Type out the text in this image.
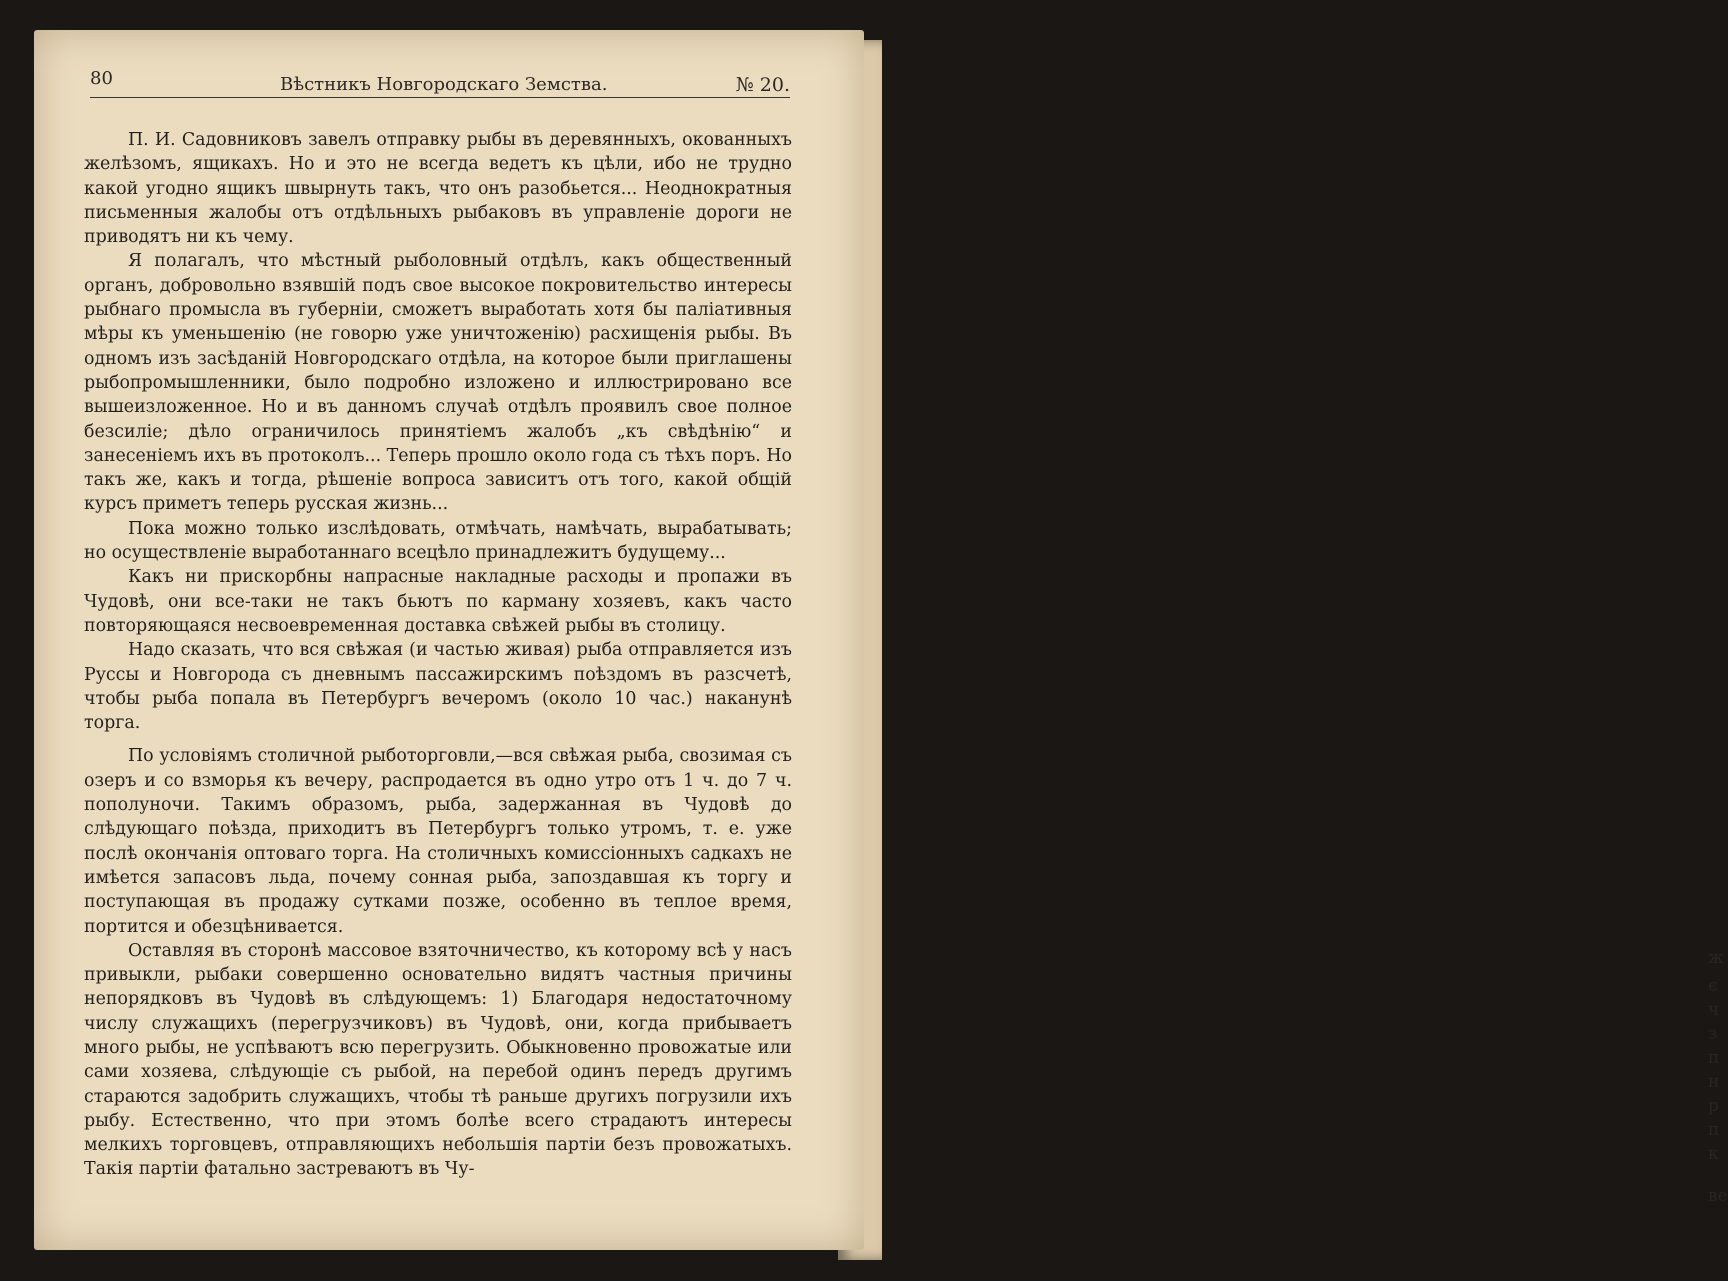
ж
є
ч
з
п
н
р
п
к
ве
80	Вѣстникъ Новгородскаго Земства.	№ 20.

П. И. Садовниковъ завелъ отправку рыбы въ деревянныхъ, окованныхъ желѣзомъ, ящикахъ. Но и это не всегда ведетъ къ цѣли, ибо не трудно какой угодно ящикъ швырнуть такъ, что онъ разобьется... Неоднократныя письменныя жалобы отъ отдѣльныхъ рыбаковъ въ управленіе дороги не приводятъ ни къ чему.

Я полагалъ, что мѣстный рыболовный отдѣлъ, какъ общественный органъ, добровольно взявшій подъ свое высокое покровительство интересы рыбнаго промысла въ губерніи, сможетъ выработать хотя бы паліативныя мѣры къ уменьшенію (не говорю уже уничтоженію) расхищенія рыбы. Въ одномъ изъ засѣданій Новгородскаго отдѣла, на которое были приглашены рыбопромышленники, было подробно изложено и иллюстрировано все вышеизложенное. Но и въ данномъ случаѣ отдѣлъ проявилъ свое полное безсиліе; дѣло ограничилось принятіемъ жалобъ „къ свѣдѣнію“ и занесеніемъ ихъ въ протоколъ... Теперь прошло около года съ тѣхъ поръ. Но такъ же, какъ и тогда, рѣшеніе вопроса зависитъ отъ того, какой общій курсъ приметъ теперь русская жизнь...

Пока можно только изслѣдовать, отмѣчать, намѣчать, вырабатывать; но осуществленіе выработаннаго всецѣло принадлежитъ будущему...

Какъ ни прискорбны напрасные накладные расходы и пропажи въ Чудовѣ, они все-таки не такъ бьютъ по карману хозяевъ, какъ часто повторяющаяся несвоевременная доставка свѣжей рыбы въ столицу.

Надо сказать, что вся свѣжая (и частью живая) рыба отправляется изъ Руссы и Новгорода съ дневнымъ пассажирскимъ поѣздомъ въ разсчетѣ, чтобы рыба попала въ Петербургъ вечеромъ (около 10 час.) наканунѣ торга.

По условіямъ столичной рыботорговли,—вся свѣжая рыба, свозимая съ озеръ и со взморья къ вечеру, распродается въ одно утро отъ 1 ч. до 7 ч. пополуночи. Такимъ образомъ, рыба, задержанная въ Чудовѣ до слѣдующаго поѣзда, приходитъ въ Петербургъ только утромъ, т. е. уже послѣ окончанія оптоваго торга. На столичныхъ комиссіонныхъ садкахъ не имѣется запасовъ льда, почему сонная рыба, запоздавшая къ торгу и поступающая въ продажу сутками позже, особенно въ теплое время, портится и обезцѣнивается.

Оставляя въ сторонѣ массовое взяточничество, къ которому всѣ у насъ привыкли, рыбаки совершенно основательно видятъ частныя причины непорядковъ въ Чудовѣ въ слѣдующемъ: 1) Благодаря недостаточному числу служащихъ (перегрузчиковъ) въ Чудовѣ, они, когда прибываетъ много рыбы, не успѣваютъ всю перегрузить. Обыкновенно провожатые или сами хозяева, слѣдующіе съ рыбой, на перебой одинъ передъ другимъ стараются задобрить служащихъ, чтобы тѣ раньше другихъ погрузили ихъ рыбу. Естественно, что при этомъ болѣе всего страдаютъ интересы мелкихъ торговцевъ, отправляющихъ небольшія партіи безъ провожатыхъ. Такія партіи фатально застреваютъ въ Чу-
